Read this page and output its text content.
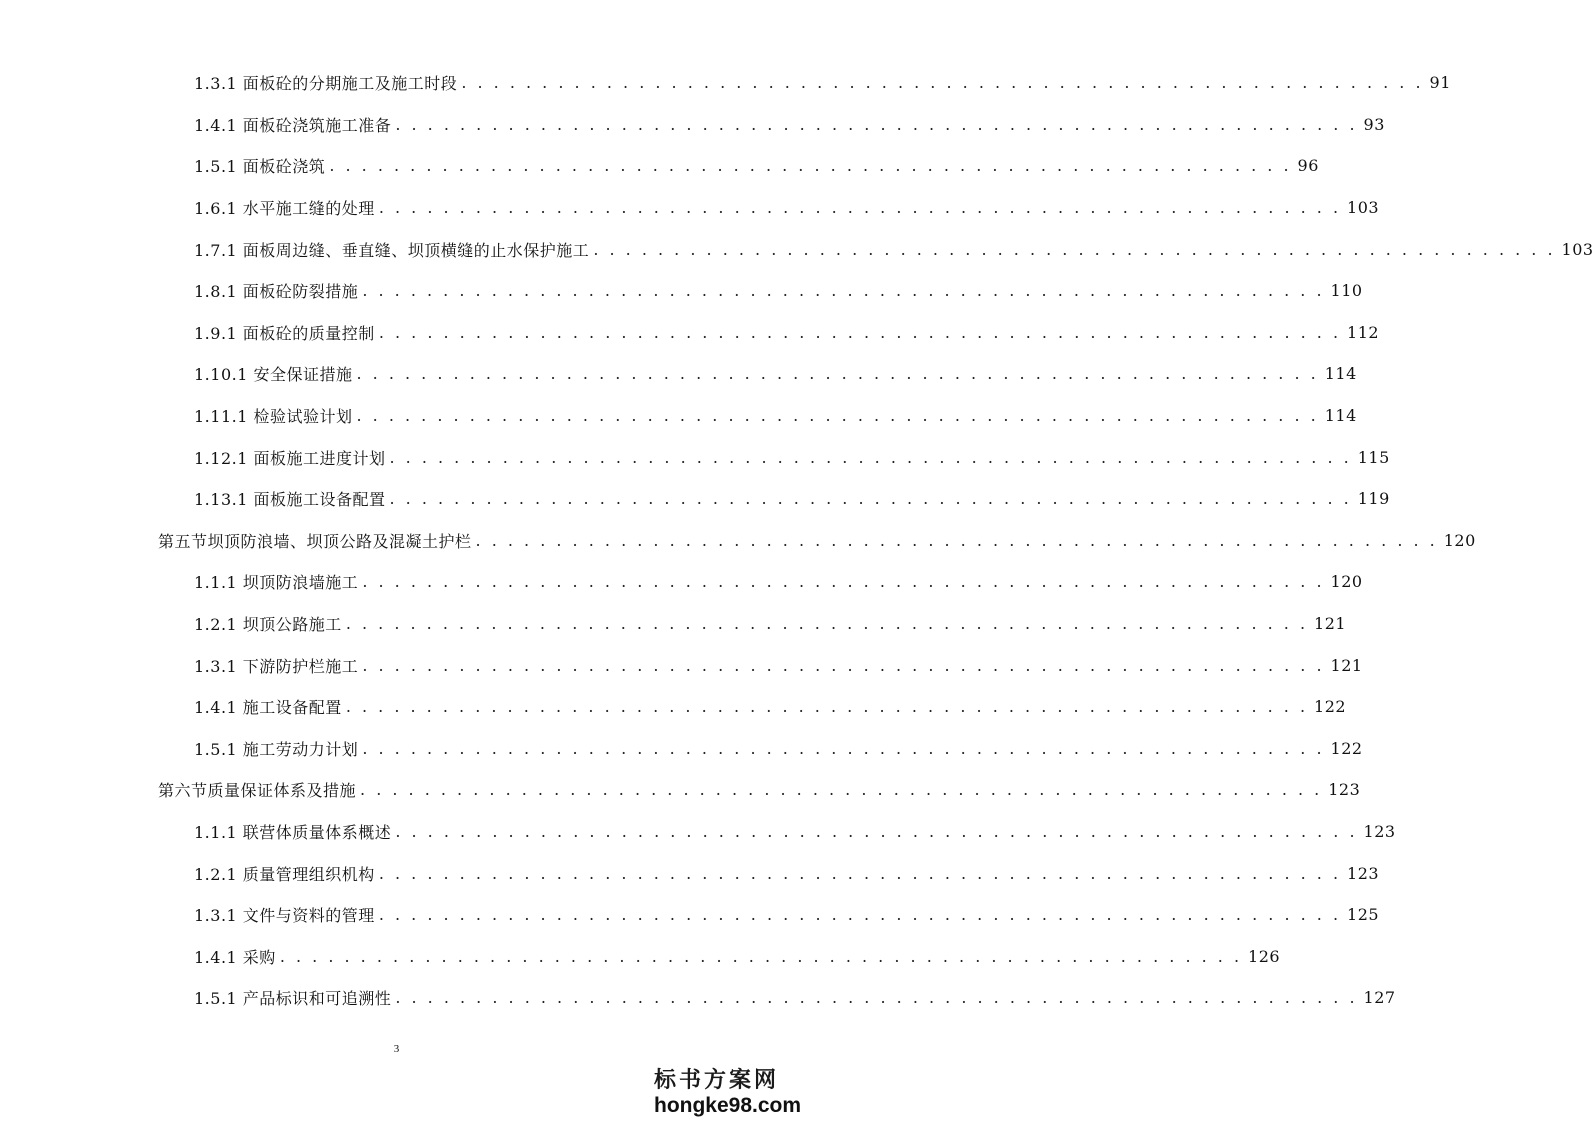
1.3.1 面板砼的分期施工及施工时段 . . . . . . . . . . . . . . . . . . . . . . . . . . . . . . . . . . . . . . . . . . . . . . . . . . . . . . . . . . . . 91
1.4.1 面板砼浇筑施工准备 . . . . . . . . . . . . . . . . . . . . . . . . . . . . . . . . . . . . . . . . . . . . . . . . . . . . . . . . . . . . 93
1.5.1 面板砼浇筑 . . . . . . . . . . . . . . . . . . . . . . . . . . . . . . . . . . . . . . . . . . . . . . . . . . . . . . . . . . . . 96
1.6.1 水平施工缝的处理 . . . . . . . . . . . . . . . . . . . . . . . . . . . . . . . . . . . . . . . . . . . . . . . . . . . . . . . . . . . . 103
1.7.1 面板周边缝、垂直缝、坝顶横缝的止水保护施工 . . . . . . . . . . . . . . . . . . . . . . . . . . . . . . . . . . . . . . . . . . . . . . . . . . . . . . . . . . . . 103
1.8.1 面板砼防裂措施 . . . . . . . . . . . . . . . . . . . . . . . . . . . . . . . . . . . . . . . . . . . . . . . . . . . . . . . . . . . . 110
1.9.1 面板砼的质量控制 . . . . . . . . . . . . . . . . . . . . . . . . . . . . . . . . . . . . . . . . . . . . . . . . . . . . . . . . . . . . 112
1.10.1 安全保证措施 . . . . . . . . . . . . . . . . . . . . . . . . . . . . . . . . . . . . . . . . . . . . . . . . . . . . . . . . . . . . 114
1.11.1 检验试验计划 . . . . . . . . . . . . . . . . . . . . . . . . . . . . . . . . . . . . . . . . . . . . . . . . . . . . . . . . . . . . 114
1.12.1 面板施工进度计划 . . . . . . . . . . . . . . . . . . . . . . . . . . . . . . . . . . . . . . . . . . . . . . . . . . . . . . . . . . . . 115
1.13.1 面板施工设备配置 . . . . . . . . . . . . . . . . . . . . . . . . . . . . . . . . . . . . . . . . . . . . . . . . . . . . . . . . . . . . 119
第五节坝顶防浪墙、坝顶公路及混凝土护栏 . . . . . . . . . . . . . . . . . . . . . . . . . . . . . . . . . . . . . . . . . . . . . . . . . . . . . . . . . . . . 120
1.1.1 坝顶防浪墙施工 . . . . . . . . . . . . . . . . . . . . . . . . . . . . . . . . . . . . . . . . . . . . . . . . . . . . . . . . . . . . 120
1.2.1 坝顶公路施工 . . . . . . . . . . . . . . . . . . . . . . . . . . . . . . . . . . . . . . . . . . . . . . . . . . . . . . . . . . . . 121
1.3.1 下游防护栏施工 . . . . . . . . . . . . . . . . . . . . . . . . . . . . . . . . . . . . . . . . . . . . . . . . . . . . . . . . . . . . 121
1.4.1 施工设备配置 . . . . . . . . . . . . . . . . . . . . . . . . . . . . . . . . . . . . . . . . . . . . . . . . . . . . . . . . . . . . 122
1.5.1 施工劳动力计划 . . . . . . . . . . . . . . . . . . . . . . . . . . . . . . . . . . . . . . . . . . . . . . . . . . . . . . . . . . . . 122
第六节质量保证体系及措施 . . . . . . . . . . . . . . . . . . . . . . . . . . . . . . . . . . . . . . . . . . . . . . . . . . . . . . . . . . . . 123
1.1.1 联营体质量体系概述 . . . . . . . . . . . . . . . . . . . . . . . . . . . . . . . . . . . . . . . . . . . . . . . . . . . . . . . . . . . . 123
1.2.1 质量管理组织机构 . . . . . . . . . . . . . . . . . . . . . . . . . . . . . . . . . . . . . . . . . . . . . . . . . . . . . . . . . . . . 123
1.3.1 文件与资料的管理 . . . . . . . . . . . . . . . . . . . . . . . . . . . . . . . . . . . . . . . . . . . . . . . . . . . . . . . . . . . . 125
1.4.1 采购 . . . . . . . . . . . . . . . . . . . . . . . . . . . . . . . . . . . . . . . . . . . . . . . . . . . . . . . . . . . . 126
1.5.1 产品标识和可追溯性 . . . . . . . . . . . . . . . . . . . . . . . . . . . . . . . . . . . . . . . . . . . . . . . . . . . . . . . . . . . . 127
3
标书方案网
hongke98.com
